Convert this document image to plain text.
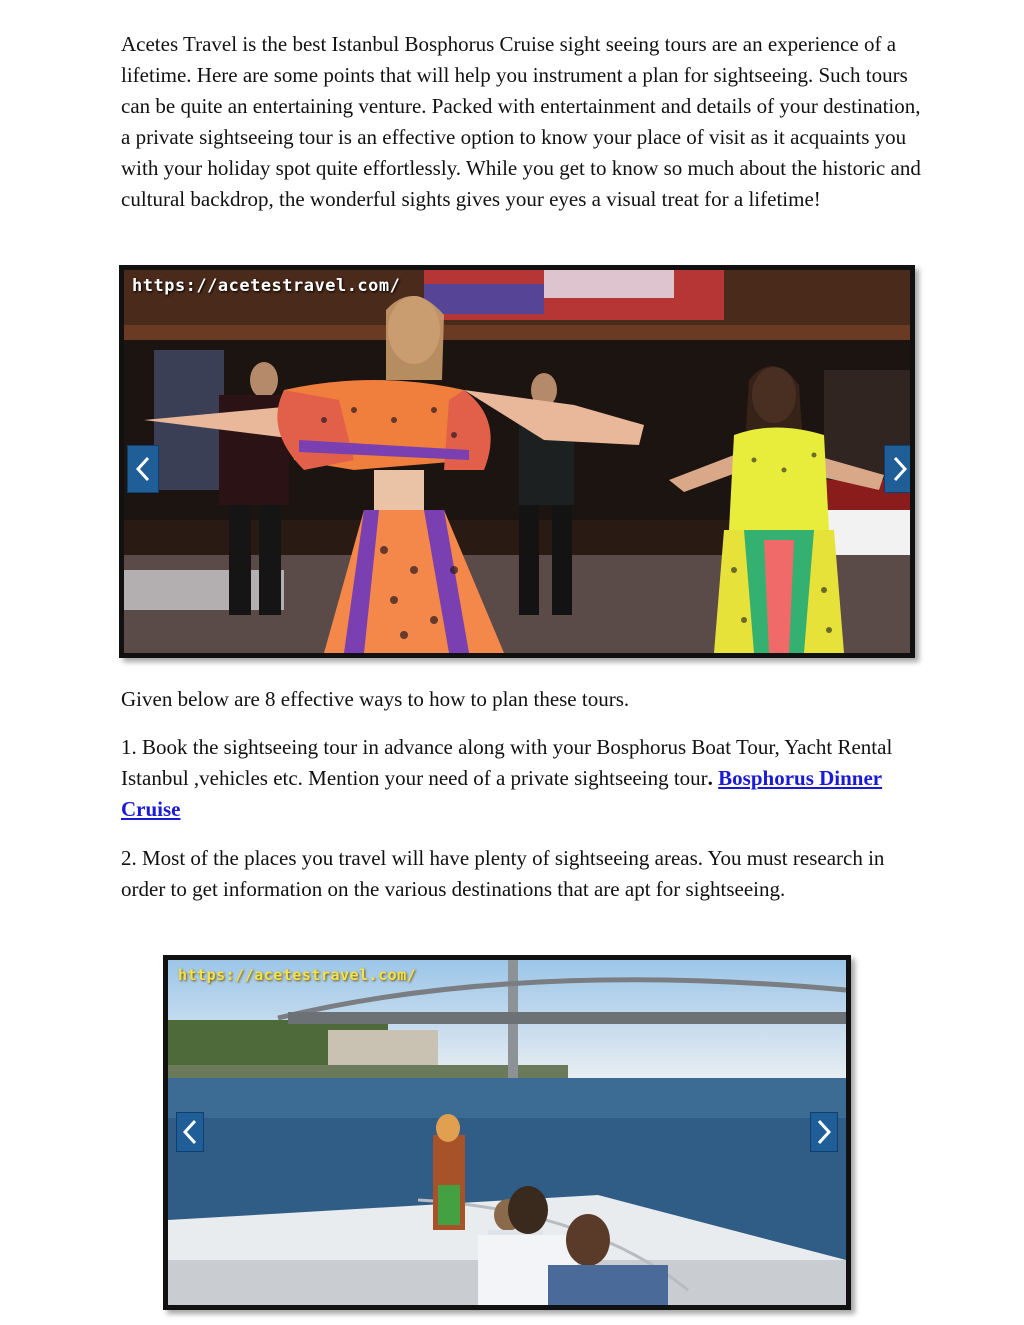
Acetes Travel is the best Istanbul Bosphorus Cruise sight seeing tours are an experience of a lifetime. Here are some points that will help you instrument a plan for sightseeing. Such tours can be quite an entertaining venture. Packed with entertainment and details of your destination, a private sightseeing tour is an effective option to know your place of visit as it acquaints you with your holiday spot quite effortlessly. While you get to know so much about the historic and cultural backdrop, the wonderful sights gives your eyes a visual treat for a lifetime!

https://acetestravel.com/

Given below are 8 effective ways to how to plan these tours.

1. Book the sightseeing tour in advance along with your Bosphorus Boat Tour, Yacht Rental Istanbul ,vehicles etc. Mention your need of a private sightseeing tour. Bosphorus Dinner Cruise

2. Most of the places you travel will have plenty of sightseeing areas. You must research in order to get information on the various destinations that are apt for sightseeing.

https://acetestravel.com/
